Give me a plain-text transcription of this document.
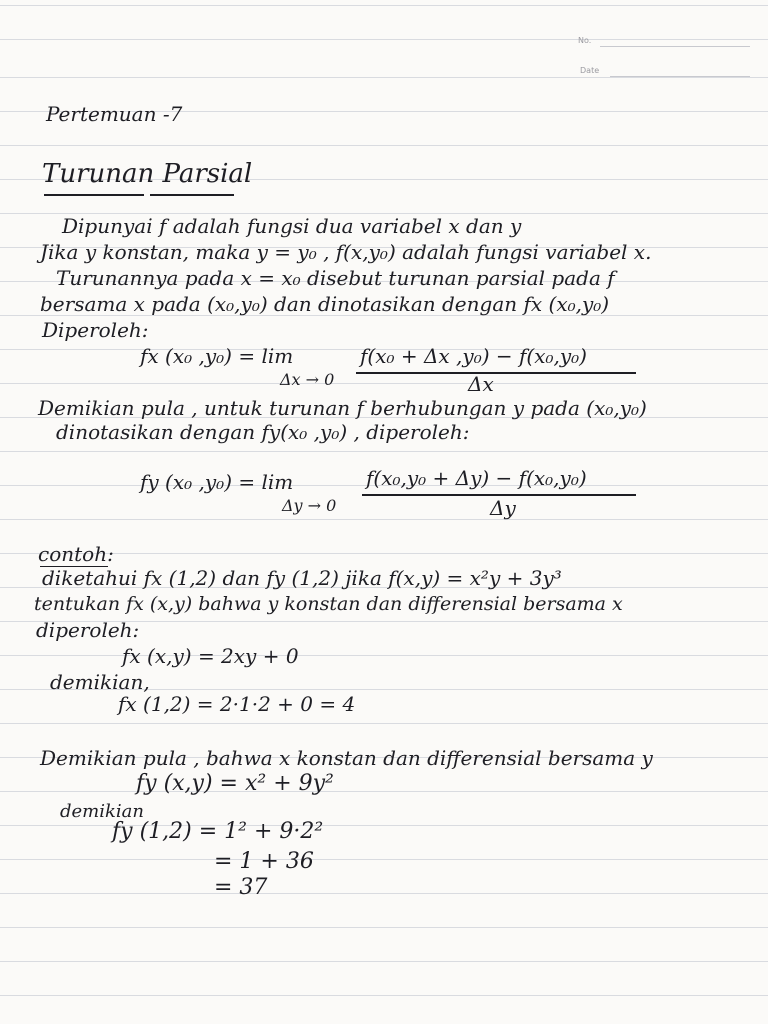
No.
Date
Pertemuan -7
Turunan Parsial
Dipunyai f adalah fungsi dua variabel x dan y
Jika y konstan, maka y = y₀ , f(x,y₀) adalah fungsi variabel x.
Turunannya pada x = x₀ disebut turunan parsial pada f
bersama x pada (x₀,y₀) dan dinotasikan dengan fx (x₀,y₀)
Diperoleh:
fx (x₀ ,y₀) = lim
Δx → 0
f(x₀ + Δx ,y₀) − f(x₀,y₀)
Δx
Demikian pula , untuk turunan f berhubungan y pada (x₀,y₀)
dinotasikan dengan fy(x₀ ,y₀) , diperoleh:
fy (x₀ ,y₀) = lim
Δy → 0
f(x₀,y₀ + Δy) − f(x₀,y₀)
Δy
contoh:
diketahui fx (1,2) dan fy (1,2) jika f(x,y) = x²y + 3y³
tentukan fx (x,y) bahwa y konstan dan differensial bersama x
diperoleh:
fx (x,y) = 2xy + 0
demikian,
fx (1,2) = 2·1·2 + 0 = 4
Demikian pula , bahwa x konstan dan differensial bersama y
fy (x,y) = x² + 9y²
demikian
fy (1,2) = 1² + 9·2²
= 1 + 36
= 37
